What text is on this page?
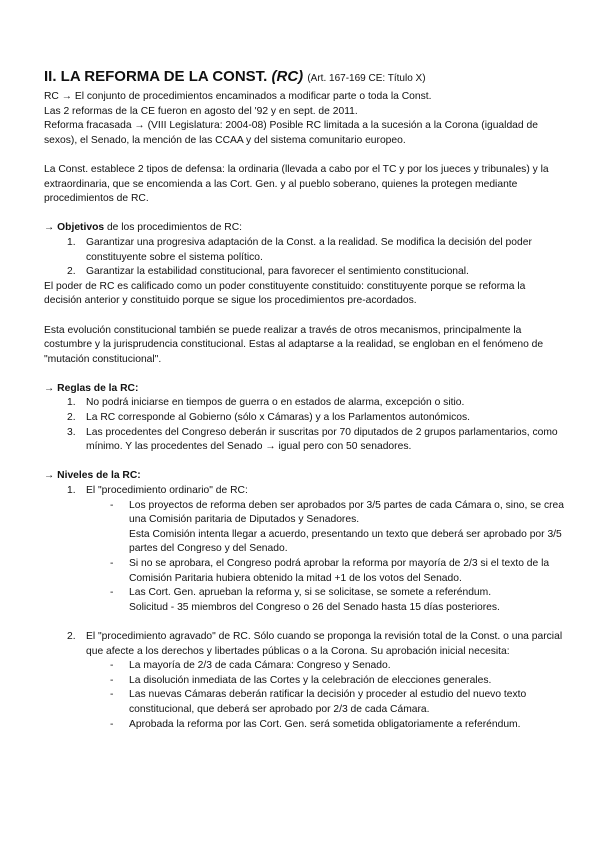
II. LA REFORMA DE LA CONST. (RC) (Art. 167-169 CE: Título X)

RC → El conjunto de procedimientos encaminados a modificar parte o toda la Const.

Las 2 reformas de la CE fueron en agosto del '92 y en sept. de 2011.

Reforma fracasada → (VIII Legislatura: 2004-08) Posible RC limitada a la sucesión a la Corona (igualdad de sexos), el Senado, la mención de las CCAA y del sistema comunitario europeo.

La Const. establece 2 tipos de defensa: la ordinaria (llevada a cabo por el TC y por los jueces y tribunales) y la extraordinaria, que se encomienda a las Cort. Gen. y al pueblo soberano, quienes la protegen mediante procedimientos de RC.

→ Objetivos de los procedimientos de RC:

1. Garantizar una progresiva adaptación de la Const. a la realidad. Se modifica la decisión del poder constituyente sobre el sistema político.
2. Garantizar la estabilidad constitucional, para favorecer el sentimiento constitucional.

El poder de RC es calificado como un poder constituyente constituido: constituyente porque se reforma la decisión anterior y constituido porque se sigue los procedimientos pre-acordados.

Esta evolución constitucional también se puede realizar a través de otros mecanismos, principalmente la costumbre y la jurisprudencia constitucional. Estas al adaptarse a la realidad, se engloban en el fenómeno de "mutación constitucional".

→ Reglas de la RC:

1. No podrá iniciarse en tiempos de guerra o en estados de alarma, excepción o sitio.
2. La RC corresponde al Gobierno (sólo x Cámaras) y a los Parlamentos autonómicos.
3. Las procedentes del Congreso deberán ir suscritas por 70 diputados de 2 grupos parlamentarios, como mínimo. Y las procedentes del Senado → igual pero con 50 senadores.

→ Niveles de la RC:

1. El "procedimiento ordinario" de RC:
- Los proyectos de reforma deben ser aprobados por 3/5 partes de cada Cámara o, sino, se crea una Comisión paritaria de Diputados y Senadores.
Esta Comisión intenta llegar a acuerdo, presentando un texto que deberá ser aprobado por 3/5 partes del Congreso y del Senado.
- Si no se aprobara, el Congreso podrá aprobar la reforma por mayoría de 2/3 si el texto de la Comisión Paritaria hubiera obtenido la mitad +1 de los votos del Senado.
- Las Cort. Gen. aprueban la reforma y, si se solicitase, se somete a referéndum.
Solicitud - 35 miembros del Congreso o 26 del Senado hasta 15 días posteriores.
2. El "procedimiento agravado" de RC. Sólo cuando se proponga la revisión total de la Const. o una parcial que afecte a los derechos y libertades públicas o a la Corona. Su aprobación inicial necesita:
- La mayoría de 2/3 de cada Cámara: Congreso y Senado.
- La disolución inmediata de las Cortes y la celebración de elecciones generales.
- Las nuevas Cámaras deberán ratificar la decisión y proceder al estudio del nuevo texto constitucional, que deberá ser aprobado por 2/3 de cada Cámara.
- Aprobada la reforma por las Cort. Gen. será sometida obligatoriamente a referéndum.
